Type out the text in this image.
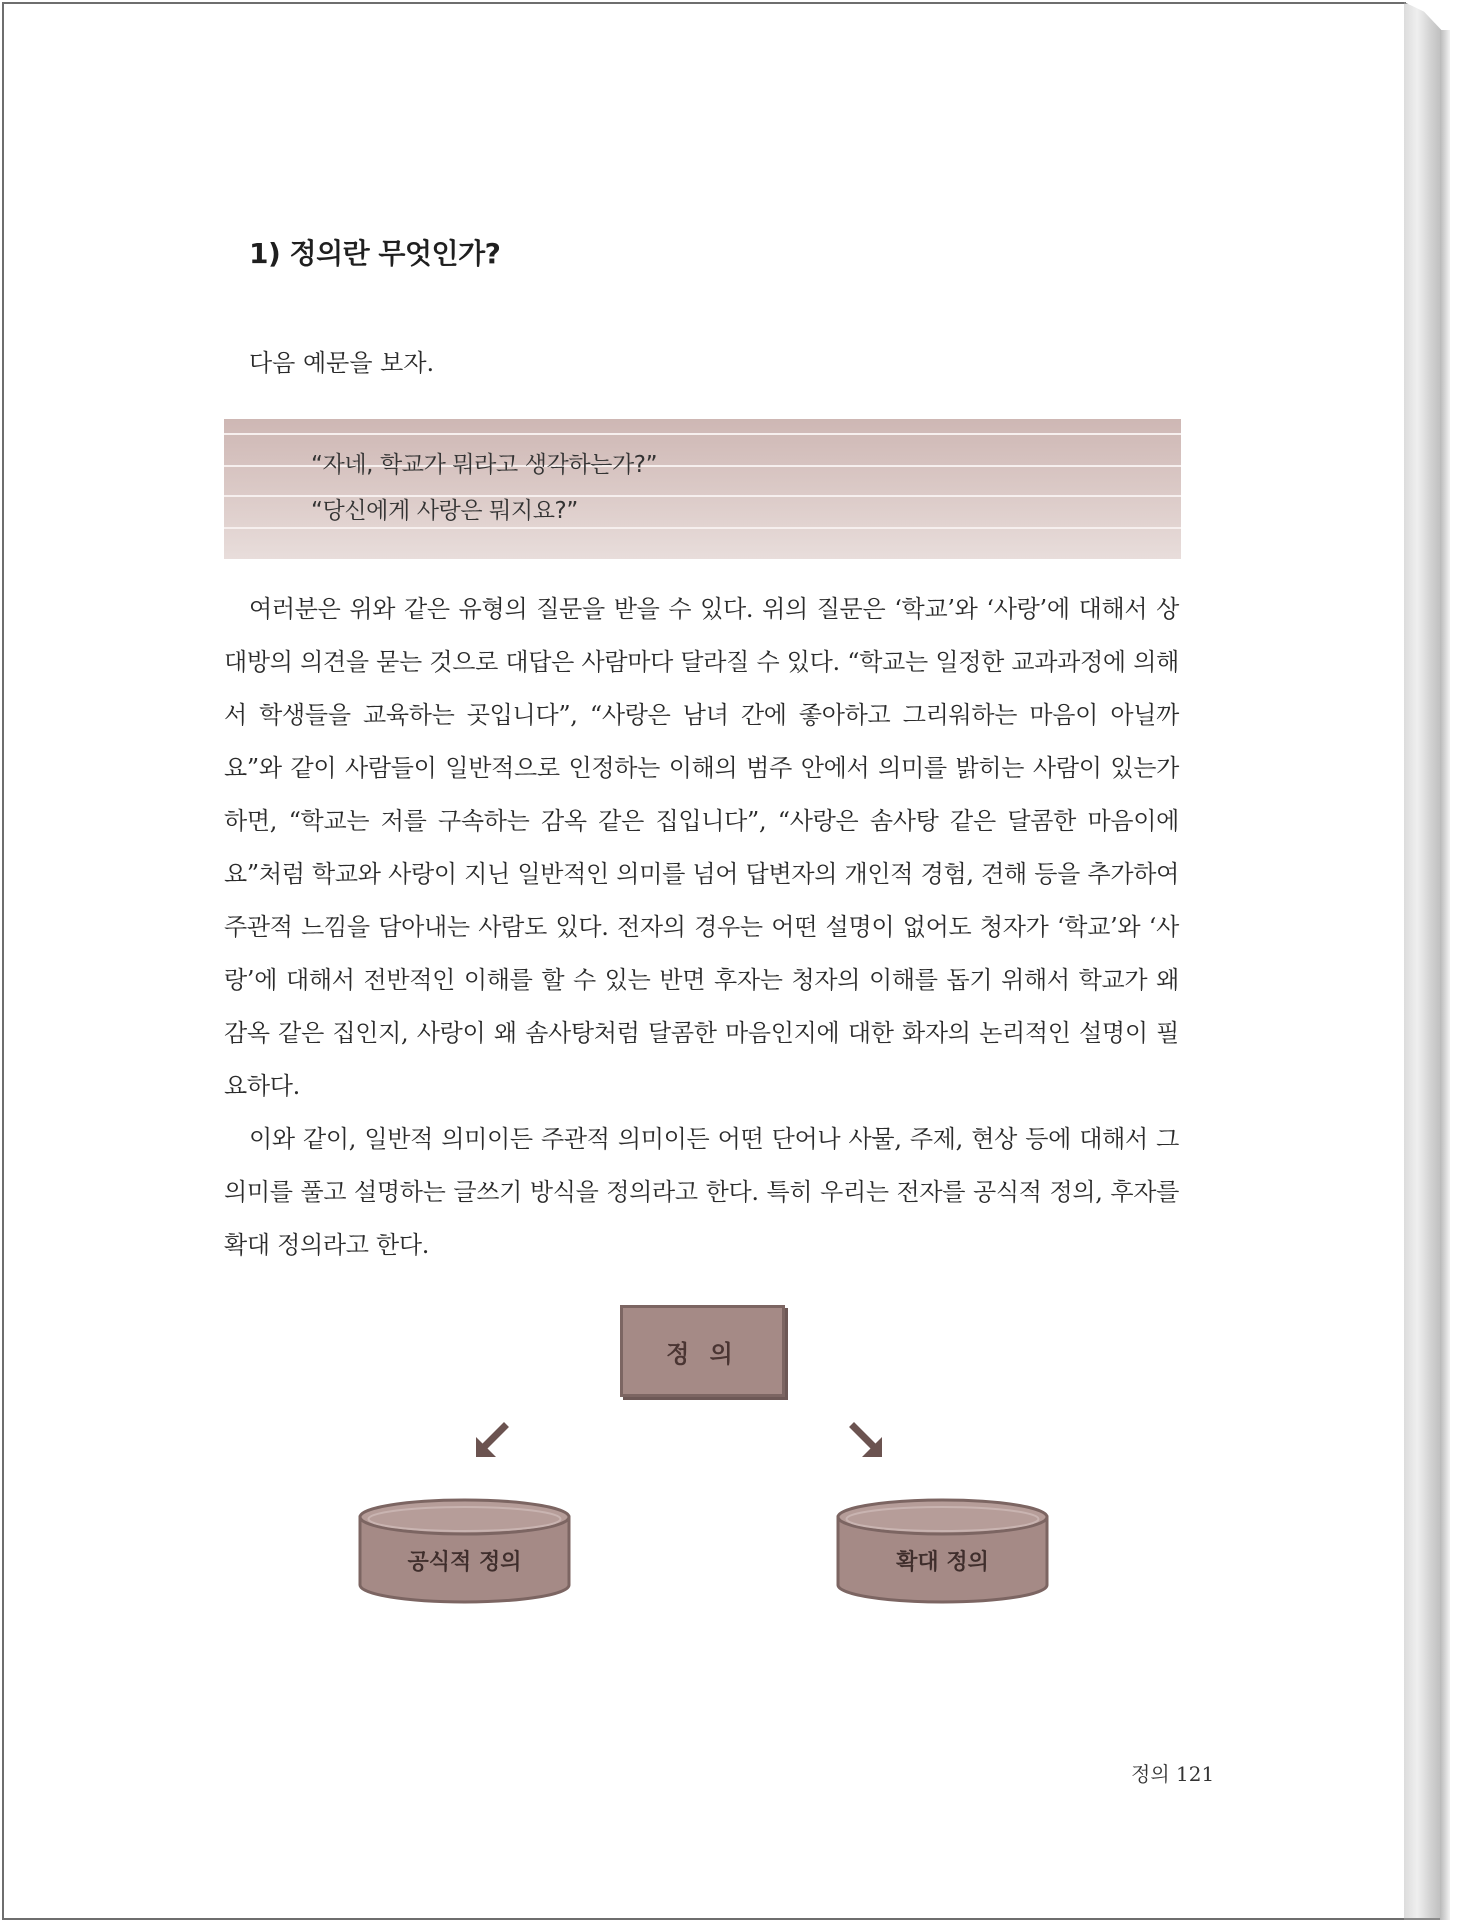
1) 정의란 무엇인가?
다음 예문을 보자.
“자네, 학교가 뭐라고 생각하는가?”
“당신에게 사랑은 뭐지요?”

여러분은 위와 같은 유형의 질문을 받을 수 있다. 위의 질문은 ‘학교’와 ‘사랑’에 대해서 상대방의 의견을 묻는 것으로 대답은 사람마다 달라질 수 있다. “학교는 일정한 교과과정에 의해서 학생들을 교육하는 곳입니다”, “사랑은 남녀 간에 좋아하고 그리워하는 마음이 아닐까요”와 같이 사람들이 일반적으로 인정하는 이해의 범주 안에서 의미를 밝히는 사람이 있는가 하면, “학교는 저를 구속하는 감옥 같은 집입니다”, “사랑은 솜사탕 같은 달콤한 마음이에요”처럼 학교와 사랑이 지닌 일반적인 의미를 넘어 답변자의 개인적 경험, 견해 등을 추가하여 주관적 느낌을 담아내는 사람도 있다. 전자의 경우는 어떤 설명이 없어도 청자가 ‘학교’와 ‘사랑’에 대해서 전반적인 이해를 할 수 있는 반면 후자는 청자의 이해를 돕기 위해서 학교가 왜 감옥 같은 집인지, 사랑이 왜 솜사탕처럼 달콤한 마음인지에 대한 화자의 논리적인 설명이 필요하다.

이와 같이, 일반적 의미이든 주관적 의미이든 어떤 단어나 사물, 주제, 현상 등에 대해서 그 의미를 풀고 설명하는 글쓰기 방식을 정의라고 한다. 특히 우리는 전자를 공식적 정의, 후자를 확대 정의라고 한다.

정 의
공식적 정의	확대 정의
정의 121
